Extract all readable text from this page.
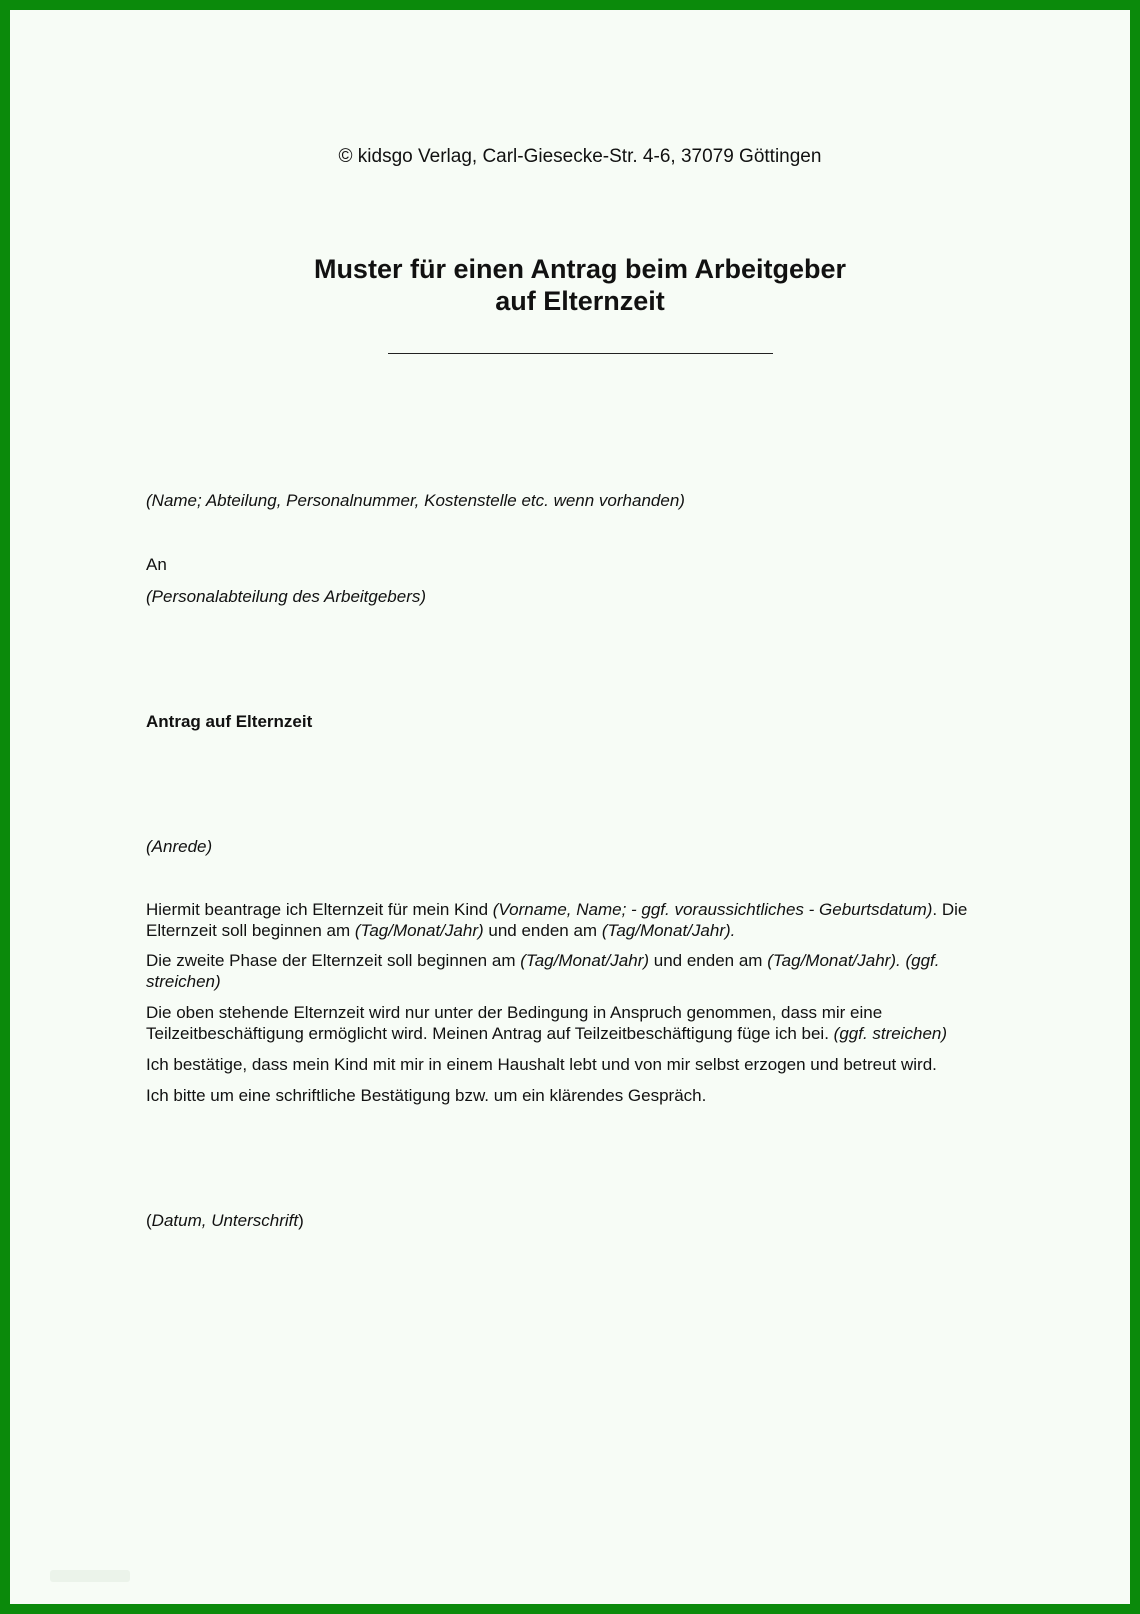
© kidsgo Verlag, Carl-Giesecke-Str. 4-6, 37079 Göttingen

Muster für einen Antrag beim Arbeitgeber
auf Elternzeit

(Name; Abteilung, Personalnummer, Kostenstelle etc. wenn vorhanden)

An

(Personalabteilung des Arbeitgebers)

Antrag auf Elternzeit

(Anrede)

Hiermit beantrage ich Elternzeit für mein Kind (Vorname, Name; - ggf. voraussichtliches - Geburtsdatum). Die Elternzeit soll beginnen am (Tag/Monat/Jahr) und enden am (Tag/Monat/Jahr).

Die zweite Phase der Elternzeit soll beginnen am (Tag/Monat/Jahr) und enden am (Tag/Monat/Jahr). (ggf. streichen)

Die oben stehende Elternzeit wird nur unter der Bedingung in Anspruch genommen, dass mir eine Teilzeitbeschäftigung ermöglicht wird. Meinen Antrag auf Teilzeitbeschäftigung füge ich bei. (ggf. streichen)

Ich bestätige, dass mein Kind mit mir in einem Haushalt lebt und von mir selbst erzogen und betreut wird.

Ich bitte um eine schriftliche Bestätigung bzw. um ein klärendes Gespräch.

(Datum, Unterschrift)
